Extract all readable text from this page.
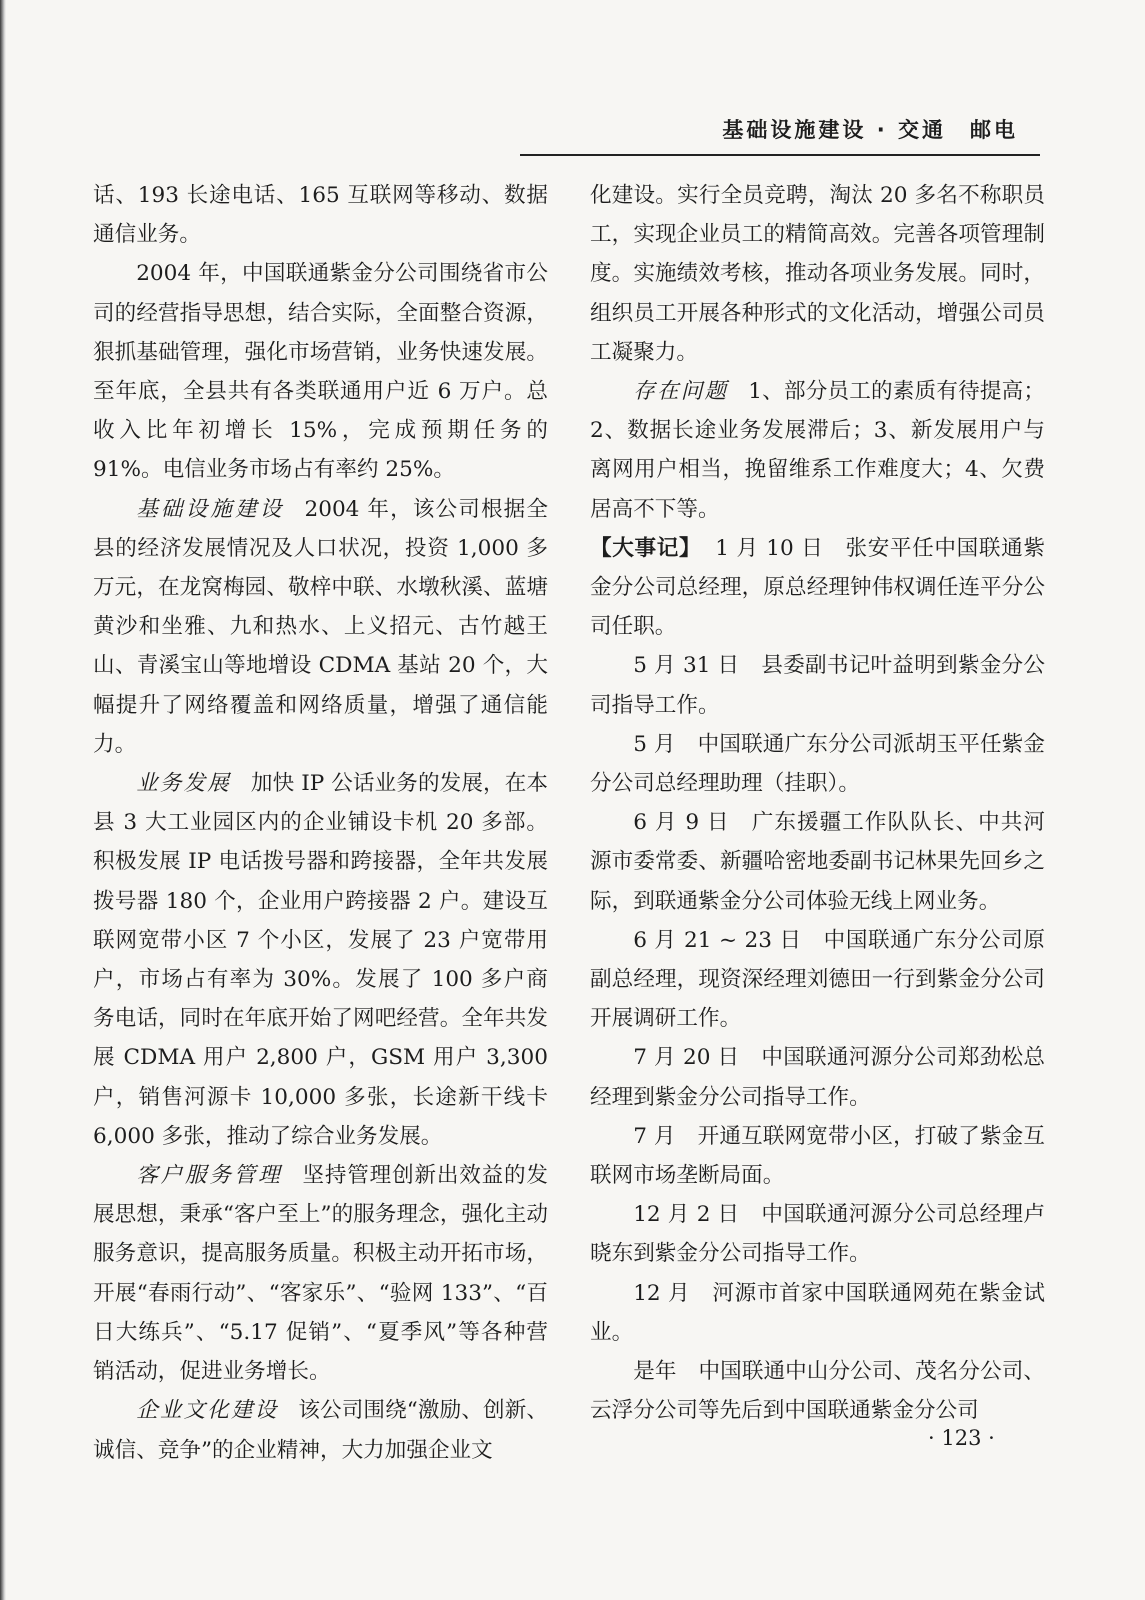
基础设施建设 · 交通　邮电

话、193 长途电话、165 互联网等移动、数据通信业务。

2004 年，中国联通紫金分公司围绕省市公司的经营指导思想，结合实际，全面整合资源，狠抓基础管理，强化市场营销，业务快速发展。至年底，全县共有各类联通用户近 6 万户。总收入比年初增长 15%，完成预期任务的 91%。电信业务市场占有率约 25%。

基础设施建设 2004 年，该公司根据全县的经济发展情况及人口状况，投资 1,000 多万元，在龙窝梅园、敬梓中联、水墩秋溪、蓝塘黄沙和坐雅、九和热水、上义招元、古竹越王山、青溪宝山等地增设 CDMA 基站 20 个，大幅提升了网络覆盖和网络质量，增强了通信能力。

业务发展 加快 IP 公话业务的发展，在本县 3 大工业园区内的企业铺设卡机 20 多部。积极发展 IP 电话拨号器和跨接器，全年共发展拨号器 180 个，企业用户跨接器 2 户。建设互联网宽带小区 7 个小区，发展了 23 户宽带用户，市场占有率为 30%。发展了 100 多户商务电话，同时在年底开始了网吧经营。全年共发展 CDMA 用户 2,800 户，GSM 用户 3,300 户，销售河源卡 10,000 多张，长途新干线卡 6,000 多张，推动了综合业务发展。

客户服务管理 坚持管理创新出效益的发展思想，秉承“客户至上”的服务理念，强化主动服务意识，提高服务质量。积极主动开拓市场，开展“春雨行动”、“客家乐”、“验网 133”、“百日大练兵”、“5.17 促销”、“夏季风”等各种营销活动，促进业务增长。

企业文化建设 该公司围绕“激励、创新、诚信、竞争”的企业精神，大力加强企业文

化建设。实行全员竞聘，淘汰 20 多名不称职员工，实现企业员工的精简高效。完善各项管理制度。实施绩效考核，推动各项业务发展。同时，组织员工开展各种形式的文化活动，增强公司员工凝聚力。

存在问题 1、部分员工的素质有待提高；2、数据长途业务发展滞后；3、新发展用户与离网用户相当，挽留维系工作难度大；4、欠费居高不下等。

【大事记】 1 月 10 日 张安平任中国联通紫金分公司总经理，原总经理钟伟权调任连平分公司任职。

5 月 31 日 县委副书记叶益明到紫金分公司指导工作。

5 月 中国联通广东分公司派胡玉平任紫金分公司总经理助理（挂职）。

6 月 9 日 广东援疆工作队队长、中共河源市委常委、新疆哈密地委副书记林果先回乡之际，到联通紫金分公司体验无线上网业务。

6 月 21 ~ 23 日 中国联通广东分公司原副总经理，现资深经理刘德田一行到紫金分公司开展调研工作。

7 月 20 日 中国联通河源分公司郑劲松总经理到紫金分公司指导工作。

7 月 开通互联网宽带小区，打破了紫金互联网市场垄断局面。

12 月 2 日 中国联通河源分公司总经理卢晓东到紫金分公司指导工作。

12 月 河源市首家中国联通网苑在紫金试业。

是年 中国联通中山分公司、茂名分公司、云浮分公司等先后到中国联通紫金分公司

· 123 ·
